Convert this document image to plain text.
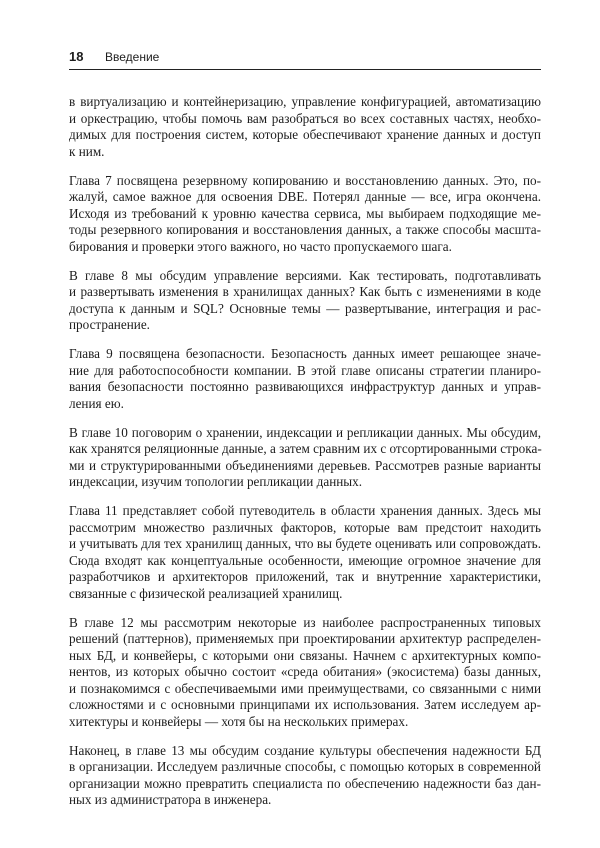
18	Введение

в виртуализацию и контейнеризацию, управление конфигурацией, автоматизацию
и оркестрацию, чтобы помочь вам разобраться во всех составных частях, необхо-
димых для построения систем, которые обеспечивают хранение данных и доступ
к ним.

Глава 7 посвящена резервному копированию и восстановлению данных. Это, по-
жалуй, самое важное для освоения DBE. Потерял данные — все, игра окончена.
Исходя из требований к уровню качества сервиса, мы выбираем подходящие ме-
тоды резервного копирования и восстановления данных, а также способы масшта-
бирования и проверки этого важного, но часто пропускаемого шага.

В главе 8 мы обсудим управление версиями. Как тестировать, подготавливать
и развертывать изменения в хранилищах данных? Как быть с изменениями в коде
доступа к данным и SQL? Основные темы — развертывание, интеграция и рас-
пространение.

Глава 9 посвящена безопасности. Безопасность данных имеет решающее значе-
ние для работоспособности компании. В этой главе описаны стратегии планиро-
вания безопасности постоянно развивающихся инфраструктур данных и управ-
ления ею.

В главе 10 поговорим о хранении, индексации и репликации данных. Мы обсудим,
как хранятся реляционные данные, а затем сравним их с отсортированными строка-
ми и структурированными объединениями деревьев. Рассмотрев разные варианты
индексации, изучим топологии репликации данных.

Глава 11 представляет собой путеводитель в области хранения данных. Здесь мы
рассмотрим множество различных факторов, которые вам предстоит находить
и учитывать для тех хранилищ данных, что вы будете оценивать или сопровождать.
Сюда входят как концептуальные особенности, имеющие огромное значение для
разработчиков и архитекторов приложений, так и внутренние характеристики,
связанные с физической реализацией хранилищ.

В главе 12 мы рассмотрим некоторые из наиболее распространенных типовых
решений (паттернов), применяемых при проектировании архитектур распределен-
ных БД, и конвейеры, с которыми они связаны. Начнем с архитектурных компо-
нентов, из которых обычно состоит «среда обитания» (экосистема) базы данных,
и познакомимся с обеспечиваемыми ими преимуществами, со связанными с ними
сложностями и с основными принципами их использования. Затем исследуем ар-
хитектуры и конвейеры — хотя бы на нескольких примерах.

Наконец, в главе 13 мы обсудим создание культуры обеспечения надежности БД
в организации. Исследуем различные способы, с помощью которых в современной
организации можно превратить специалиста по обеспечению надежности баз дан-
ных из администратора в инженера.
